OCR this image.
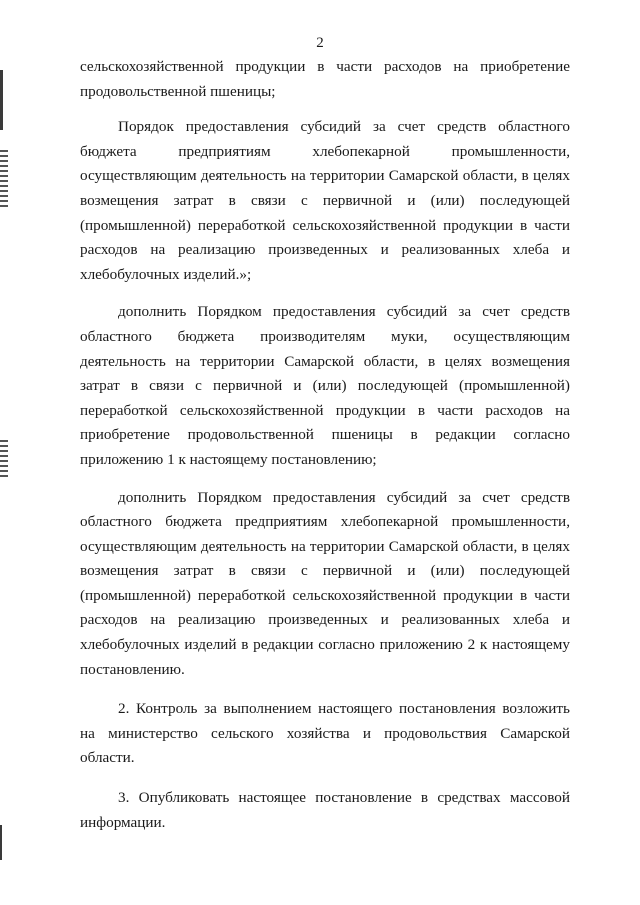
2

сельскохозяйственной продукции в части расходов на приобретение продовольственной пшеницы;

Порядок предоставления субсидий за счет средств областного бюджета предприятиям хлебопекарной промышленности, осуществляющим деятельность на территории Самарской области, в целях возмещения затрат в связи с первичной и (или) последующей (промышленной) переработкой сельскохозяйственной продукции в части расходов на реализацию произведенных и реализованных хлеба и хлебобулочных изделий.»;

дополнить Порядком предоставления субсидий за счет средств областного бюджета производителям муки, осуществляющим деятельность на территории Самарской области, в целях возмещения затрат в связи с первичной и (или) последующей (промышленной) переработкой сельскохозяйственной продукции в части расходов на приобретение продовольственной пшеницы в редакции согласно приложению 1 к настоящему постановлению;

дополнить Порядком предоставления субсидий за счет средств областного бюджета предприятиям хлебопекарной промышленности, осуществляющим деятельность на территории Самарской области, в целях возмещения затрат в связи с первичной и (или) последующей (промышленной) переработкой сельскохозяйственной продукции в части расходов на реализацию произведенных и реализованных хлеба и хлебобулочных изделий в редакции согласно приложению 2 к настоящему постановлению.

2. Контроль за выполнением настоящего постановления возложить на министерство сельского хозяйства и продовольствия Самарской области.

3. Опубликовать настоящее постановление в средствах массовой информации.
